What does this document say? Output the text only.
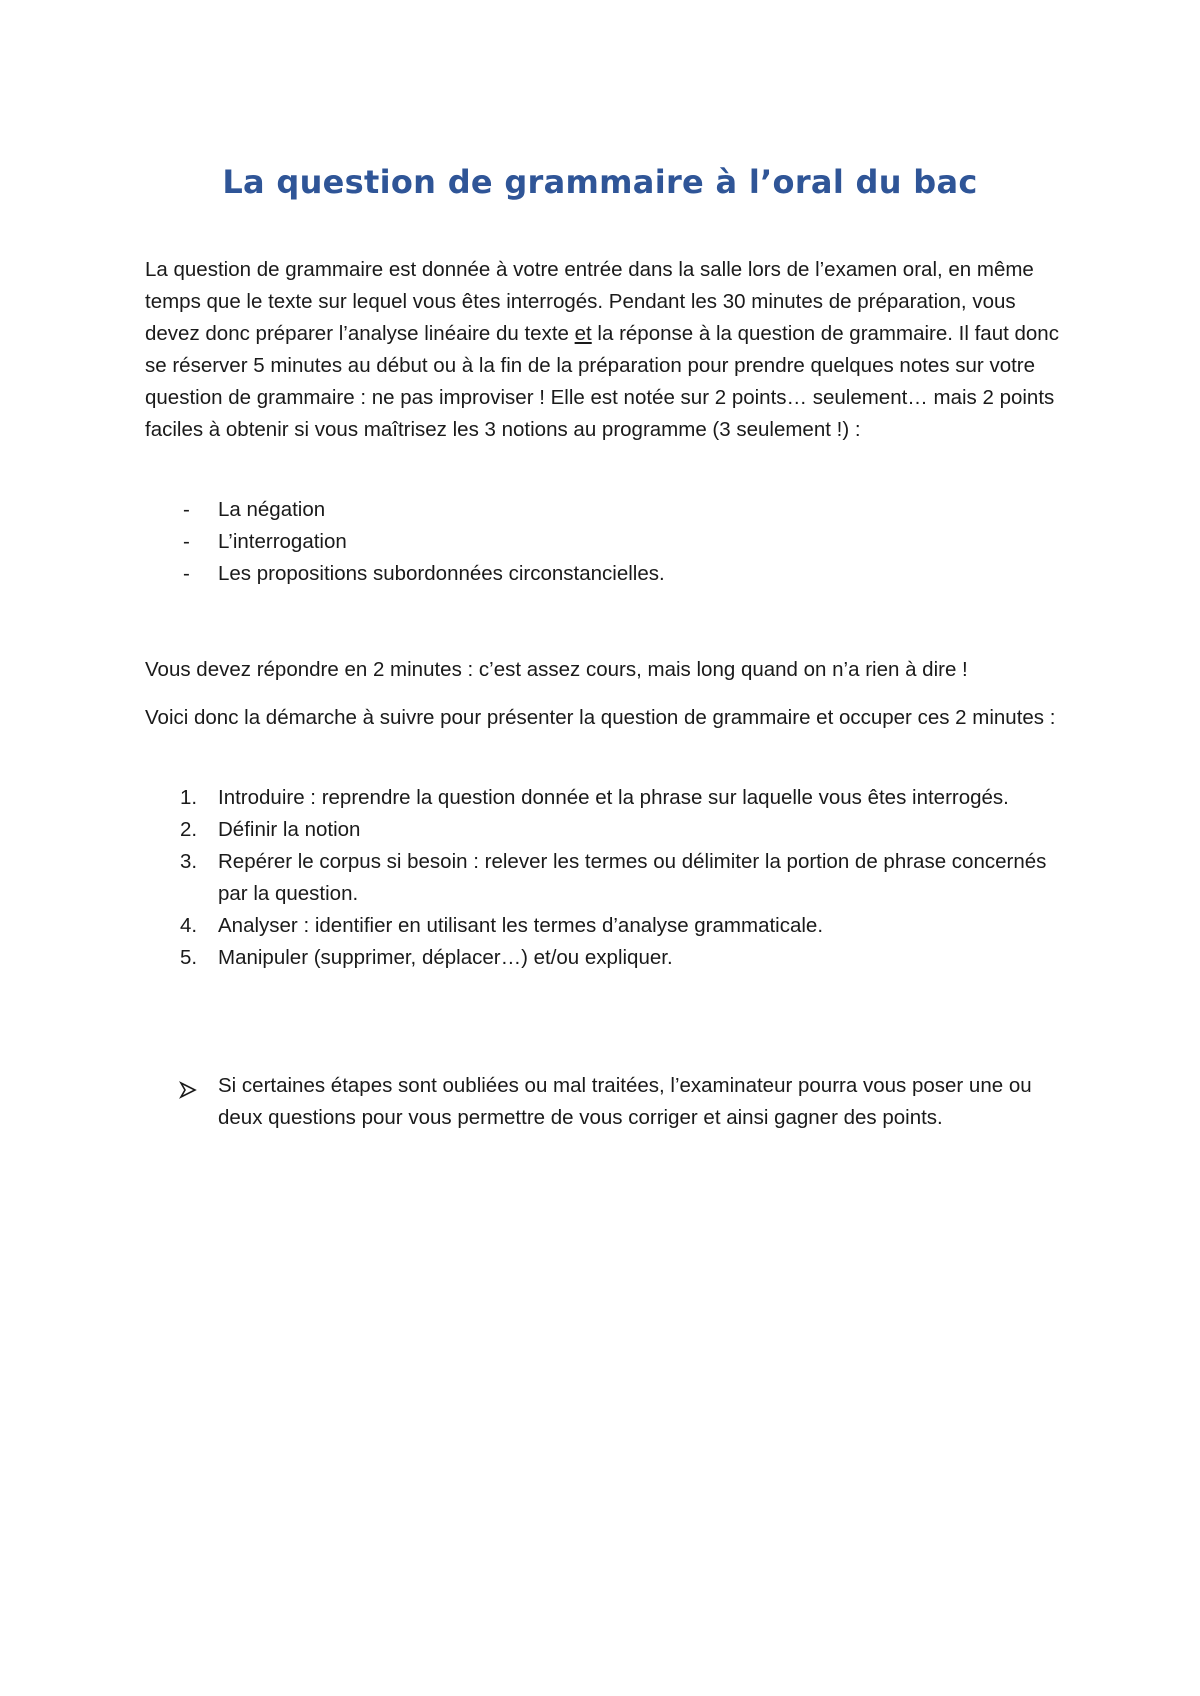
La question de grammaire à l’oral du bac

La question de grammaire est donnée à votre entrée dans la salle lors de l’examen oral, en même temps que le texte sur lequel vous êtes interrogés. Pendant les 30 minutes de préparation, vous devez donc préparer l’analyse linéaire du texte et la réponse à la question de grammaire. Il faut donc se réserver 5 minutes au début ou à la fin de la préparation pour prendre quelques notes sur votre question de grammaire : ne pas improviser ! Elle est notée sur 2 points… seulement… mais 2 points faciles à obtenir si vous maîtrisez les 3 notions au programme (3 seulement !) :

- La négation
- L’interrogation
- Les propositions subordonnées circonstancielles.

Vous devez répondre en 2 minutes : c’est assez cours, mais long quand on n’a rien à dire !

Voici donc la démarche à suivre pour présenter la question de grammaire et occuper ces 2 minutes :

1. Introduire : reprendre la question donnée et la phrase sur laquelle vous êtes interrogés.
2. Définir la notion
3. Repérer le corpus si besoin : relever les termes ou délimiter la portion de phrase concernés par la question.
4. Analyser : identifier en utilisant les termes d’analyse grammaticale.
5. Manipuler (supprimer, déplacer…) et/ou expliquer.
Si certaines étapes sont oubliées ou mal traitées, l’examinateur pourra vous poser une ou deux questions pour vous permettre de vous corriger et ainsi gagner des points.
